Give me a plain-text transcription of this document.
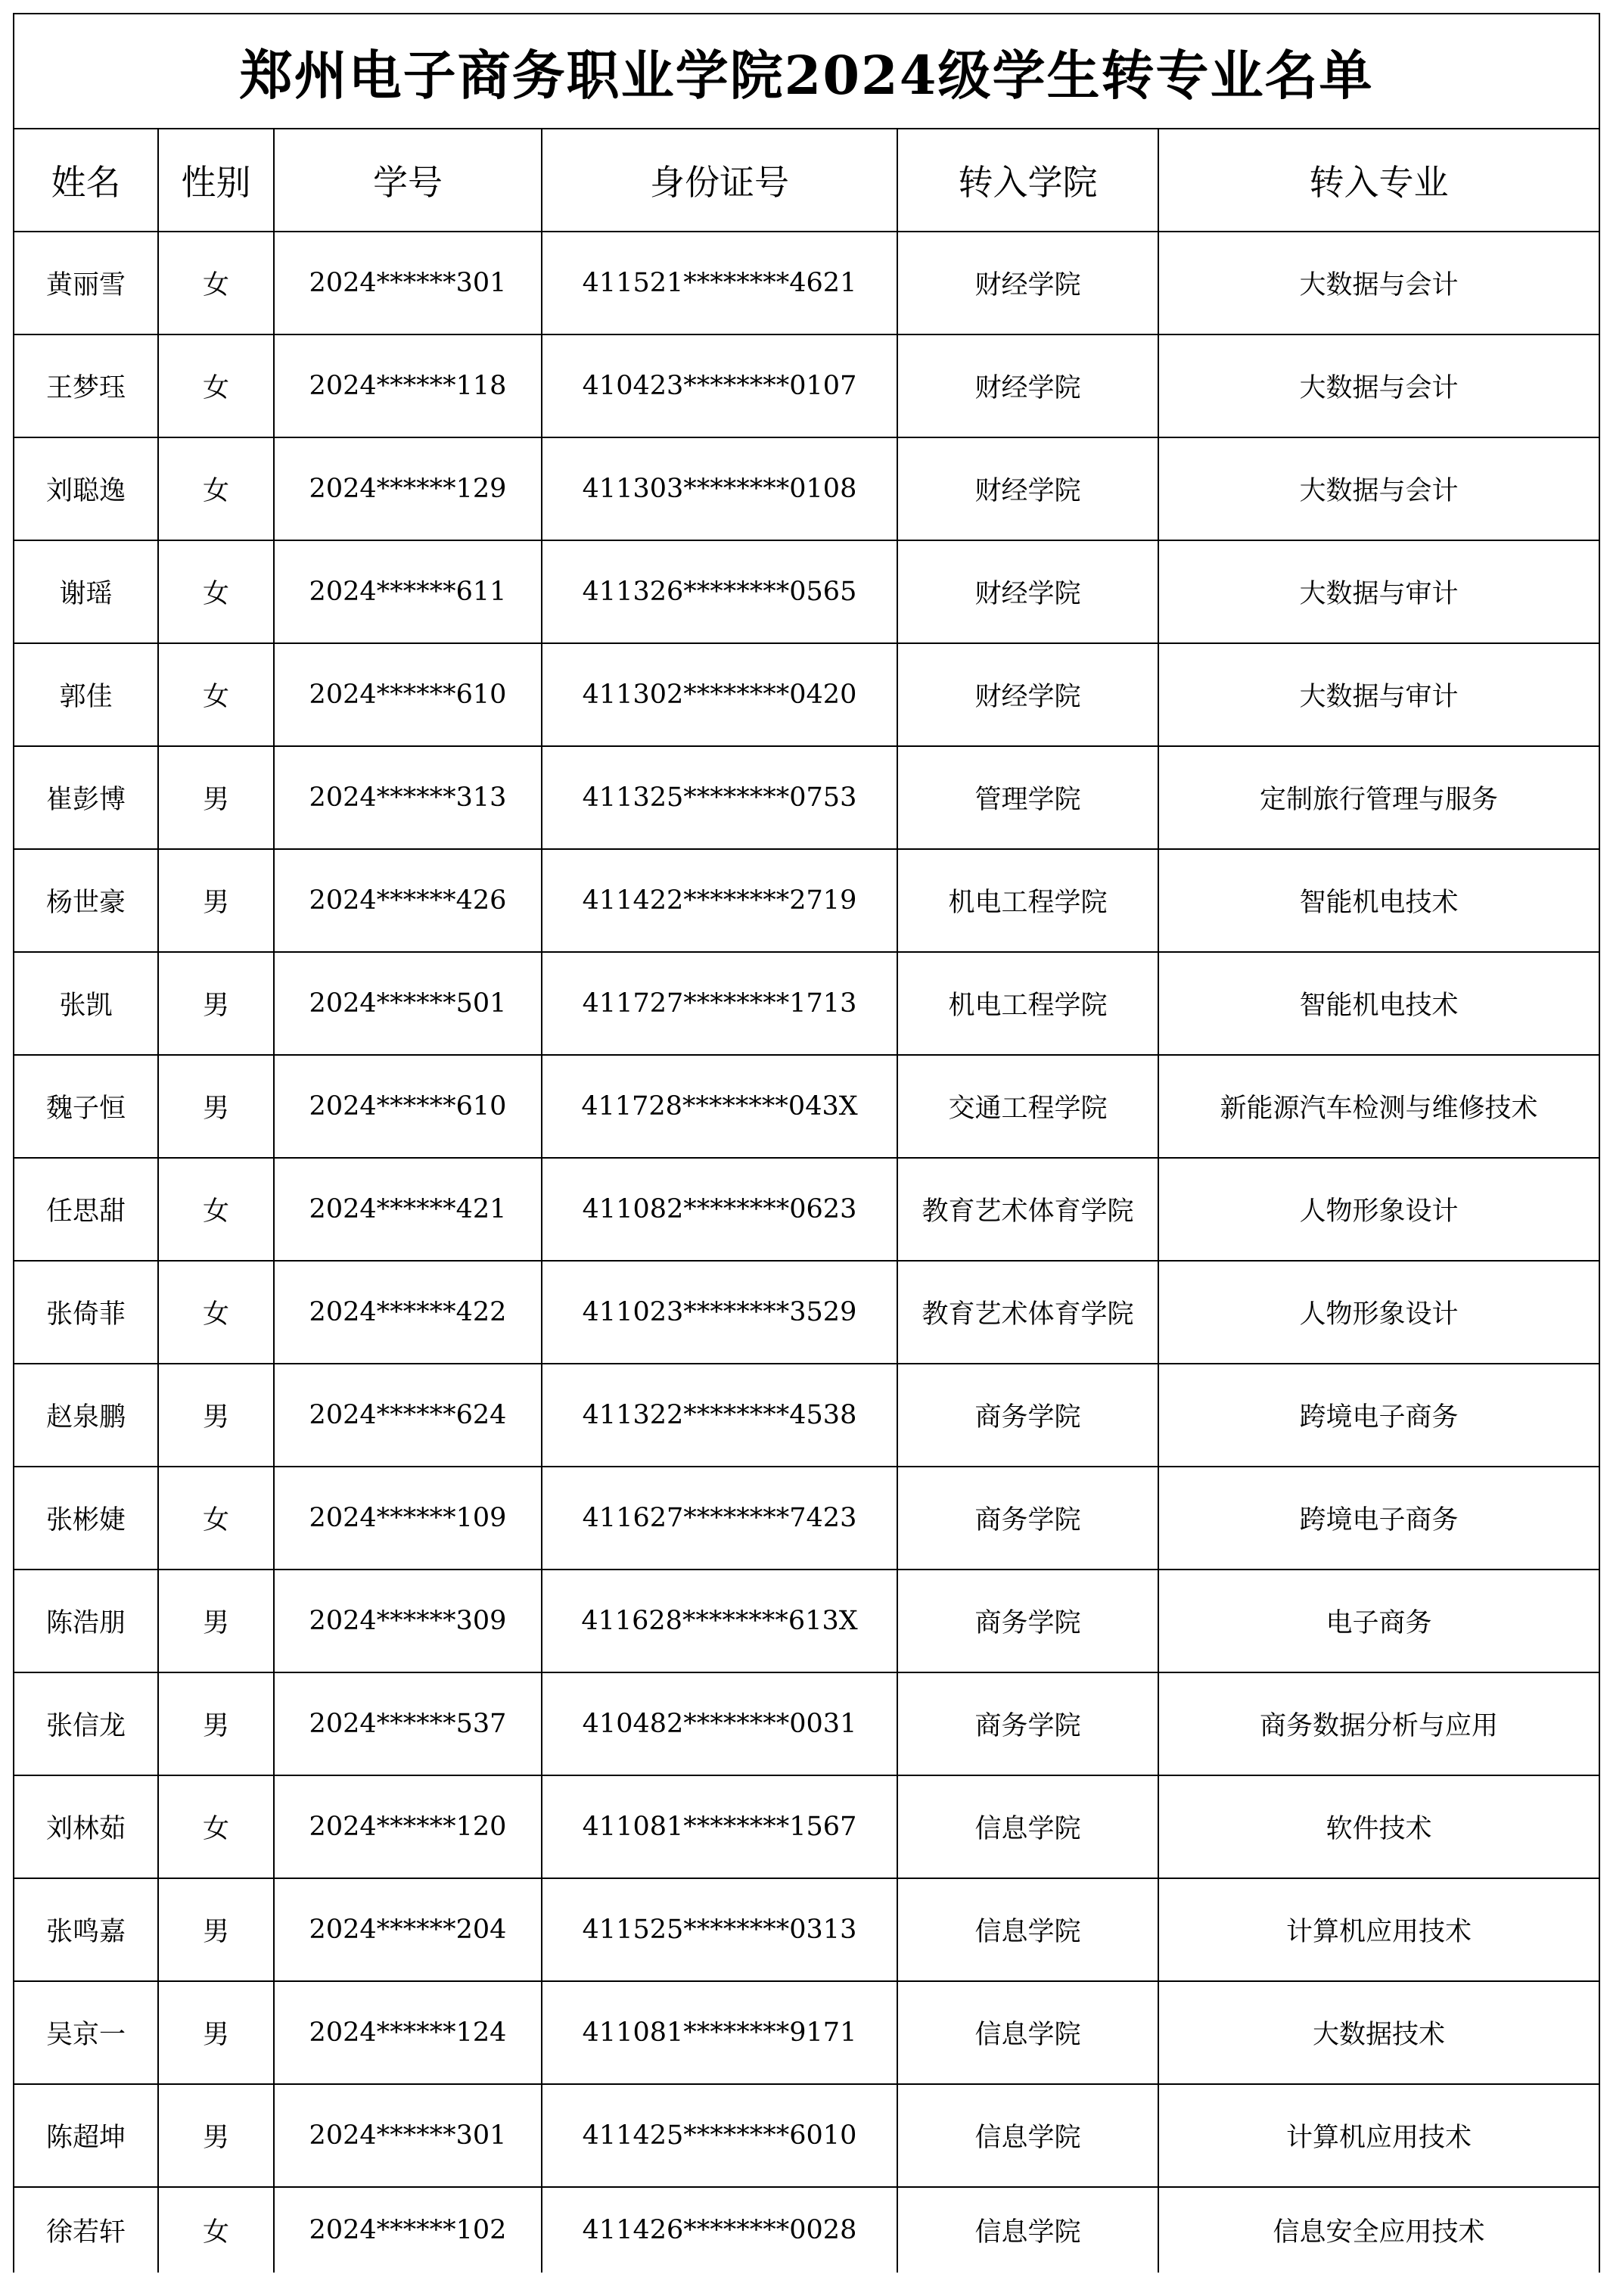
郑州电子商务职业学院2024级学生转专业名单					
姓名	性别	学号	身份证号	转入学院	转入专业
黄丽雪	女	2024******301	411521********4621	财经学院	大数据与会计
王梦珏	女	2024******118	410423********0107	财经学院	大数据与会计
刘聪逸	女	2024******129	411303********0108	财经学院	大数据与会计
谢瑶	女	2024******611	411326********0565	财经学院	大数据与审计
郭佳	女	2024******610	411302********0420	财经学院	大数据与审计
崔彭博	男	2024******313	411325********0753	管理学院	定制旅行管理与服务
杨世豪	男	2024******426	411422********2719	机电工程学院	智能机电技术
张凯	男	2024******501	411727********1713	机电工程学院	智能机电技术
魏子恒	男	2024******610	411728********043X	交通工程学院	新能源汽车检测与维修技术
任思甜	女	2024******421	411082********0623	教育艺术体育学院	人物形象设计
张倚菲	女	2024******422	411023********3529	教育艺术体育学院	人物形象设计
赵泉鹏	男	2024******624	411322********4538	商务学院	跨境电子商务
张彬婕	女	2024******109	411627********7423	商务学院	跨境电子商务
陈浩朋	男	2024******309	411628********613X	商务学院	电子商务
张信龙	男	2024******537	410482********0031	商务学院	商务数据分析与应用
刘林茹	女	2024******120	411081********1567	信息学院	软件技术
张鸣嘉	男	2024******204	411525********0313	信息学院	计算机应用技术
吴京一	男	2024******124	411081********9171	信息学院	大数据技术
陈超坤	男	2024******301	411425********6010	信息学院	计算机应用技术
徐若轩	女	2024******102	411426********0028	信息学院	信息安全应用技术
